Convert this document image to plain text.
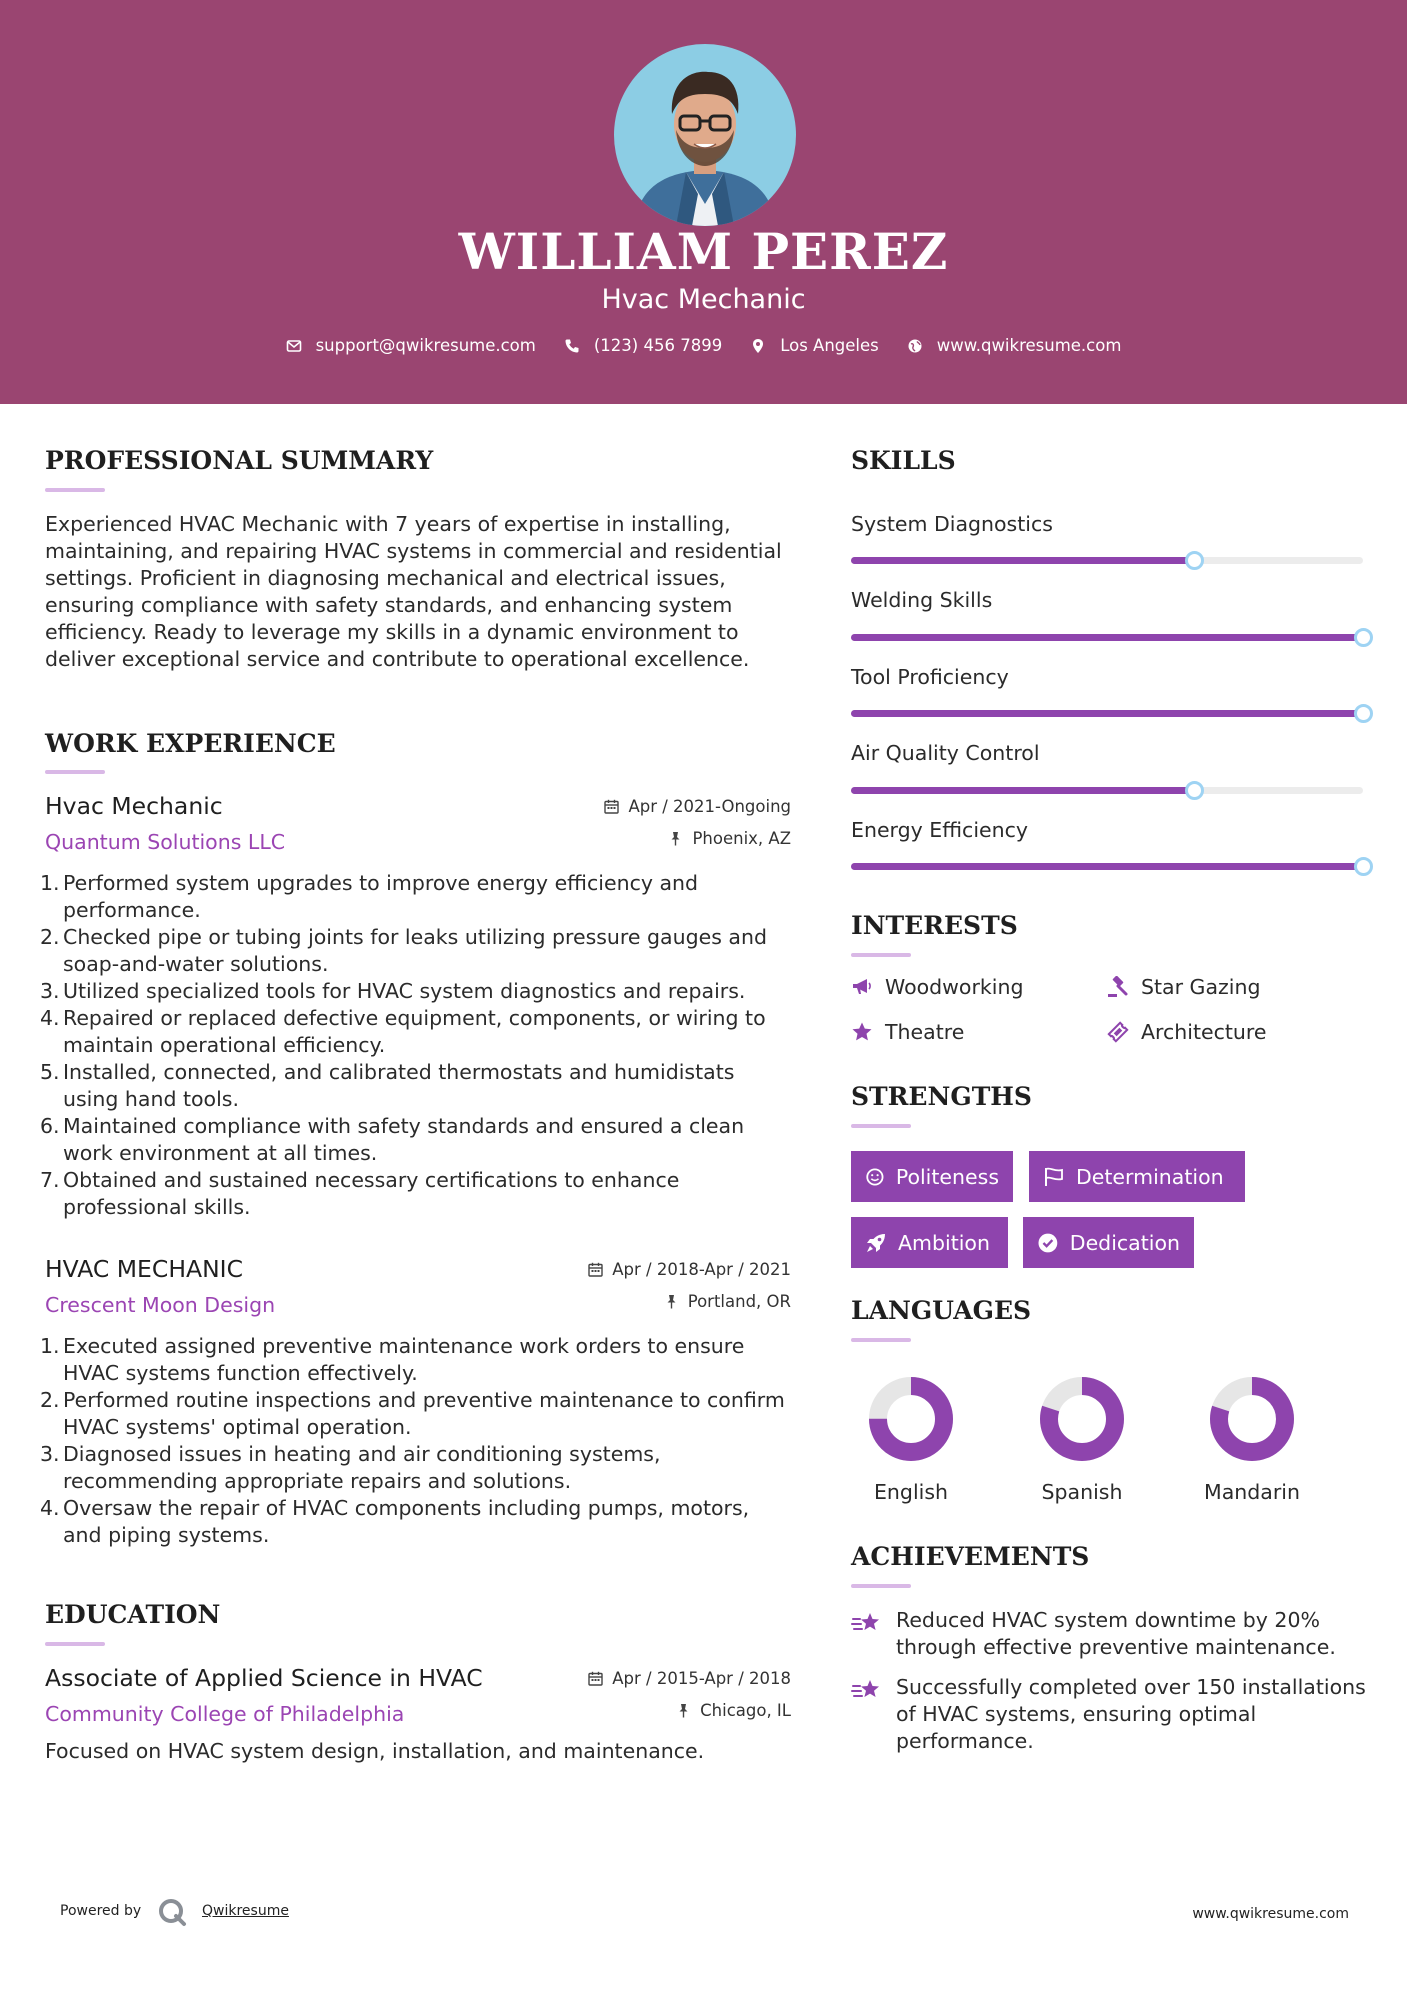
WILLIAM PEREZ
Hvac Mechanic
support@qwikresume.com	(123) 456 7899	Los Angeles	www.qwikresume.com
PROFESSIONAL SUMMARY
Experienced HVAC Mechanic with 7 years of expertise in installing, maintaining, and repairing HVAC systems in commercial and residential settings. Proficient in diagnosing mechanical and electrical issues, ensuring compliance with safety standards, and enhancing system efficiency. Ready to leverage my skills in a dynamic environment to deliver exceptional service and contribute to operational excellence.
WORK EXPERIENCE
Hvac Mechanic
Quantum Solutions LLC
Apr / 2021-Ongoing
Phoenix, AZ
Performed system upgrades to improve energy efficiency and performance.
Checked pipe or tubing joints for leaks utilizing pressure gauges and soap-and-water solutions.
Utilized specialized tools for HVAC system diagnostics and repairs.
Repaired or replaced defective equipment, components, or wiring to maintain operational efficiency.
Installed, connected, and calibrated thermostats and humidistats using hand tools.
Maintained compliance with safety standards and ensured a clean work environment at all times.
Obtained and sustained necessary certifications to enhance professional skills.
HVAC MECHANIC
Crescent Moon Design
Apr / 2018-Apr / 2021
Portland, OR
Executed assigned preventive maintenance work orders to ensure HVAC systems function effectively.
Performed routine inspections and preventive maintenance to confirm HVAC systems' optimal operation.
Diagnosed issues in heating and air conditioning systems, recommending appropriate repairs and solutions.
Oversaw the repair of HVAC components including pumps, motors, and piping systems.
EDUCATION
Associate of Applied Science in HVAC
Community College of Philadelphia
Apr / 2015-Apr / 2018
Chicago, IL
Focused on HVAC system design, installation, and maintenance.
SKILLS
System Diagnostics
Welding Skills
Tool Proficiency
Air Quality Control
Energy Efficiency
INTERESTS
Woodworking	Star Gazing
Theatre	Architecture
STRENGTHS
Politeness	Determination
Ambition	Dedication
LANGUAGES
English	Spanish	Mandarin
ACHIEVEMENTS
Reduced HVAC system downtime by 20% through effective preventive maintenance.
Successfully completed over 150 installations of HVAC systems, ensuring optimal performance.
Powered by	Qwikresume	www.qwikresume.com
